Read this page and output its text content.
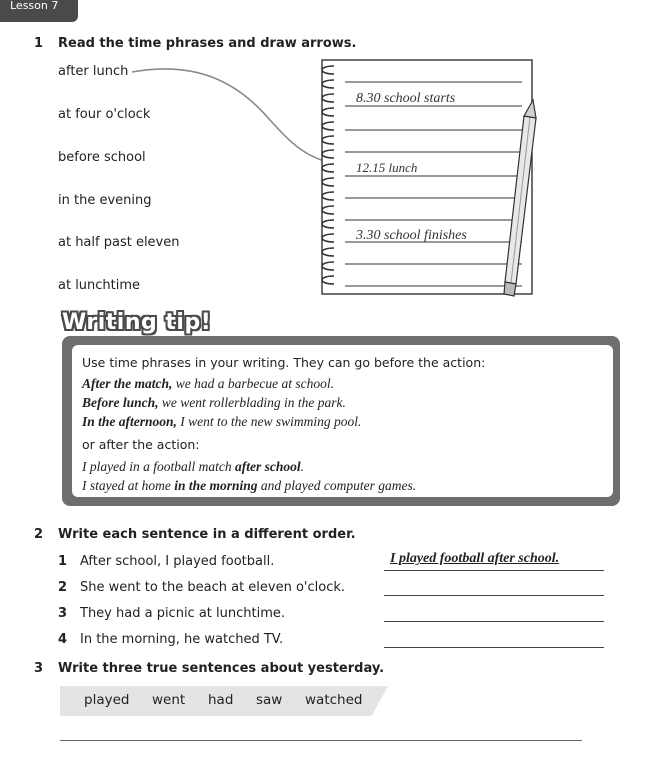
Lesson 7
1 Read the time phrases and draw arrows.
after lunch
at four o'clock
before school
in the evening
at half past eleven
at lunchtime
8.30 school starts
12.15 lunch
3.30 school finishes
Writing tip!
Use time phrases in your writing. They can go before the action:
After the match, we had a barbecue at school.
Before lunch, we went rollerblading in the park.
In the afternoon, I went to the new swimming pool.
or after the action:
I played in a football match after school.
I stayed at home in the morning and played computer games.
2 Write each sentence in a different order.
1 After school, I played football.	I played football after school.
2 She went to the beach at eleven o'clock.
3 They had a picnic at lunchtime.
4 In the morning, he watched TV.
3 Write three true sentences about yesterday.
played went had saw watched
